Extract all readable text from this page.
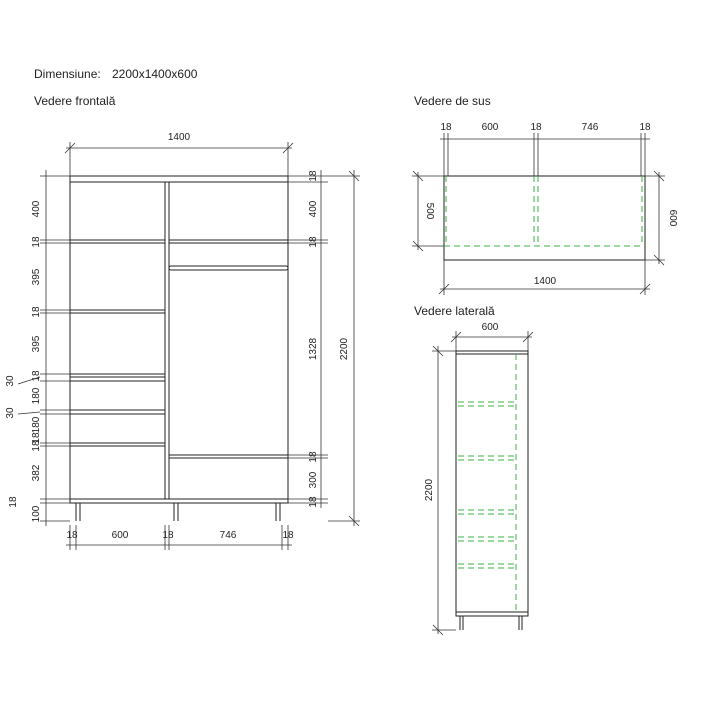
Dimensiune: 2200x1400x600
Vedere frontală	Vedere de sus
Vedere laterală
1400
18	600	18	746	18
400
18
395
18
395
18
30
180
30
18
180
18
382
18
100
18
400
18
1328
18
300
18
2200
18	600	18	746	18
1400
500	600
600
2200
